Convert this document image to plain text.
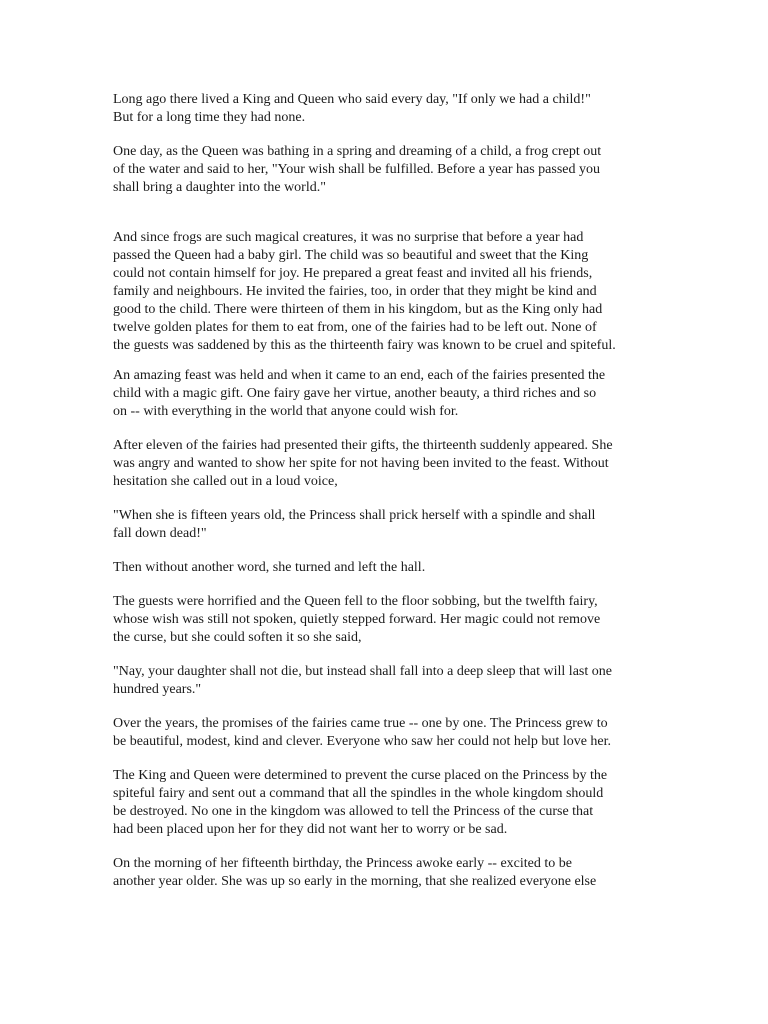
Long ago there lived a King and Queen who said every day, "If only we had a child!"
But for a long time they had none.
One day, as the Queen was bathing in a spring and dreaming of a child, a frog crept out
of the water and said to her, "Your wish shall be fulfilled. Before a year has passed you
shall bring a daughter into the world."
And since frogs are such magical creatures, it was no surprise that before a year had
passed the Queen had a baby girl. The child was so beautiful and sweet that the King
could not contain himself for joy. He prepared a great feast and invited all his friends,
family and neighbours. He invited the fairies, too, in order that they might be kind and
good to the child. There were thirteen of them in his kingdom, but as the King only had
twelve golden plates for them to eat from, one of the fairies had to be left out. None of
the guests was saddened by this as the thirteenth fairy was known to be cruel and spiteful.
An amazing feast was held and when it came to an end, each of the fairies presented the
child with a magic gift. One fairy gave her virtue, another beauty, a third riches and so
on -- with everything in the world that anyone could wish for.
After eleven of the fairies had presented their gifts, the thirteenth suddenly appeared. She
was angry and wanted to show her spite for not having been invited to the feast. Without
hesitation she called out in a loud voice,
"When she is fifteen years old, the Princess shall prick herself with a spindle and shall
fall down dead!"
Then without another word, she turned and left the hall.
The guests were horrified and the Queen fell to the floor sobbing, but the twelfth fairy,
whose wish was still not spoken, quietly stepped forward. Her magic could not remove
the curse, but she could soften it so she said,
"Nay, your daughter shall not die, but instead shall fall into a deep sleep that will last one
hundred years."
Over the years, the promises of the fairies came true -- one by one. The Princess grew to
be beautiful, modest, kind and clever. Everyone who saw her could not help but love her.
The King and Queen were determined to prevent the curse placed on the Princess by the
spiteful fairy and sent out a command that all the spindles in the whole kingdom should
be destroyed. No one in the kingdom was allowed to tell the Princess of the curse that
had been placed upon her for they did not want her to worry or be sad.
On the morning of her fifteenth birthday, the Princess awoke early -- excited to be
another year older. She was up so early in the morning, that she realized everyone else
